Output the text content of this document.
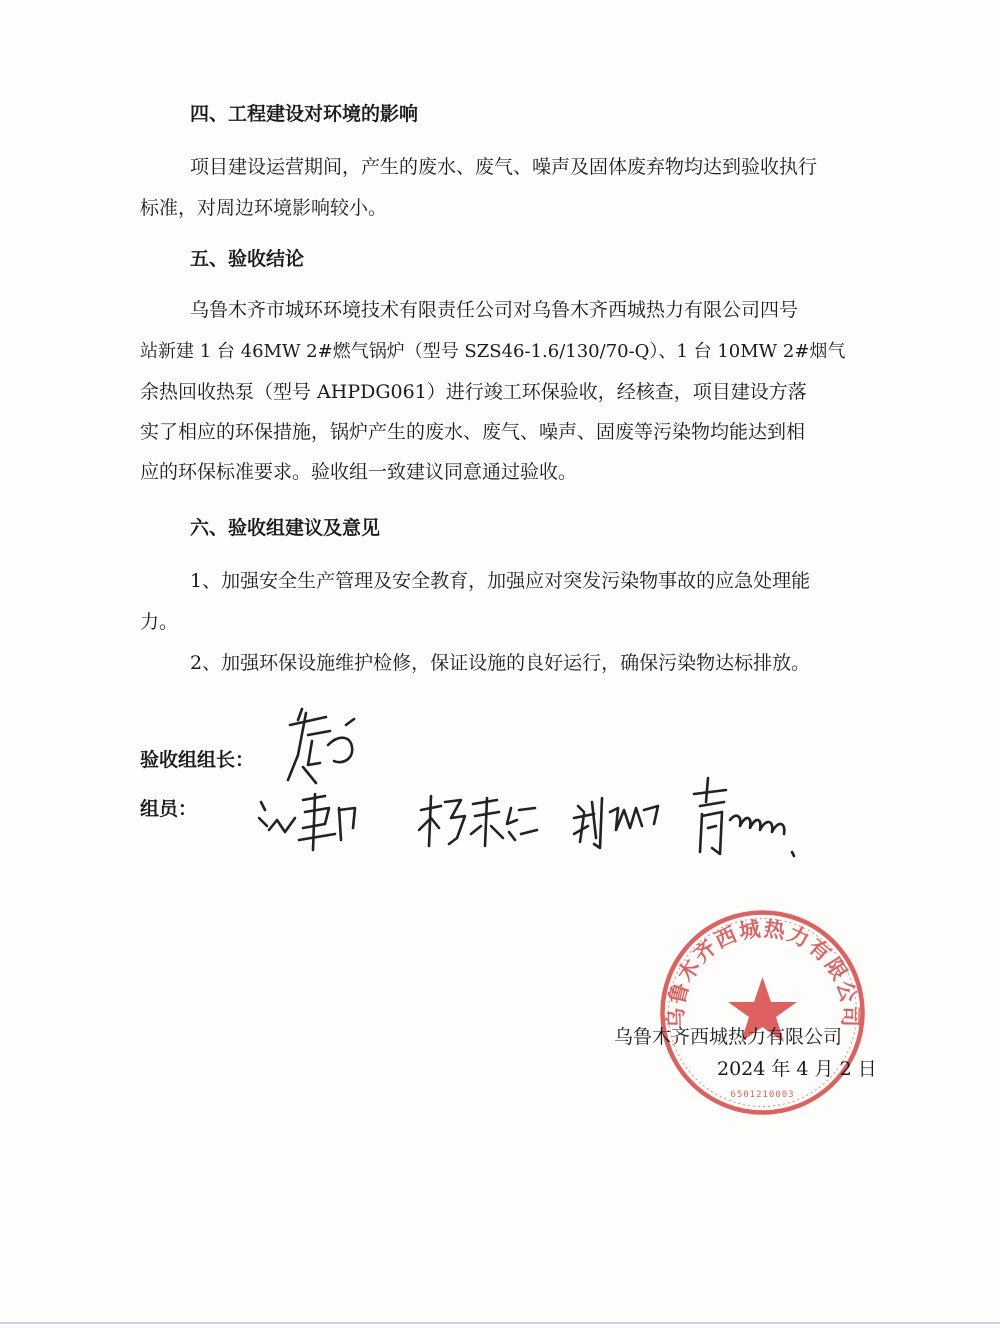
四、工程建设对环境的影响
项目建设运营期间，产生的废水、废气、噪声及固体废弃物均达到验收执行
标准，对周边环境影响较小。
五、验收结论
乌鲁木齐市城环环境技术有限责任公司对乌鲁木齐西城热力有限公司四号
站新建 1 台 46MW 2#燃气锅炉（型号 SZS46-1.6/130/70-Q）、1 台 10MW 2#烟气
余热回收热泵（型号 AHPDG061）进行竣工环保验收，经核查，项目建设方落
实了相应的环保措施，锅炉产生的废水、废气、噪声、固废等污染物均能达到相
应的环保标准要求。验收组一致建议同意通过验收。
六、验收组建议及意见
1、加强安全生产管理及安全教育，加强应对突发污染物事故的应急处理能
力。
2、加强环保设施维护检修，保证设施的良好运行，确保污染物达标排放。
验收组组长：
组员：
乌鲁木齐西城热力有限公司
6501210003
乌鲁木齐西城热力有限公司
2024 年 4 月 2 日
